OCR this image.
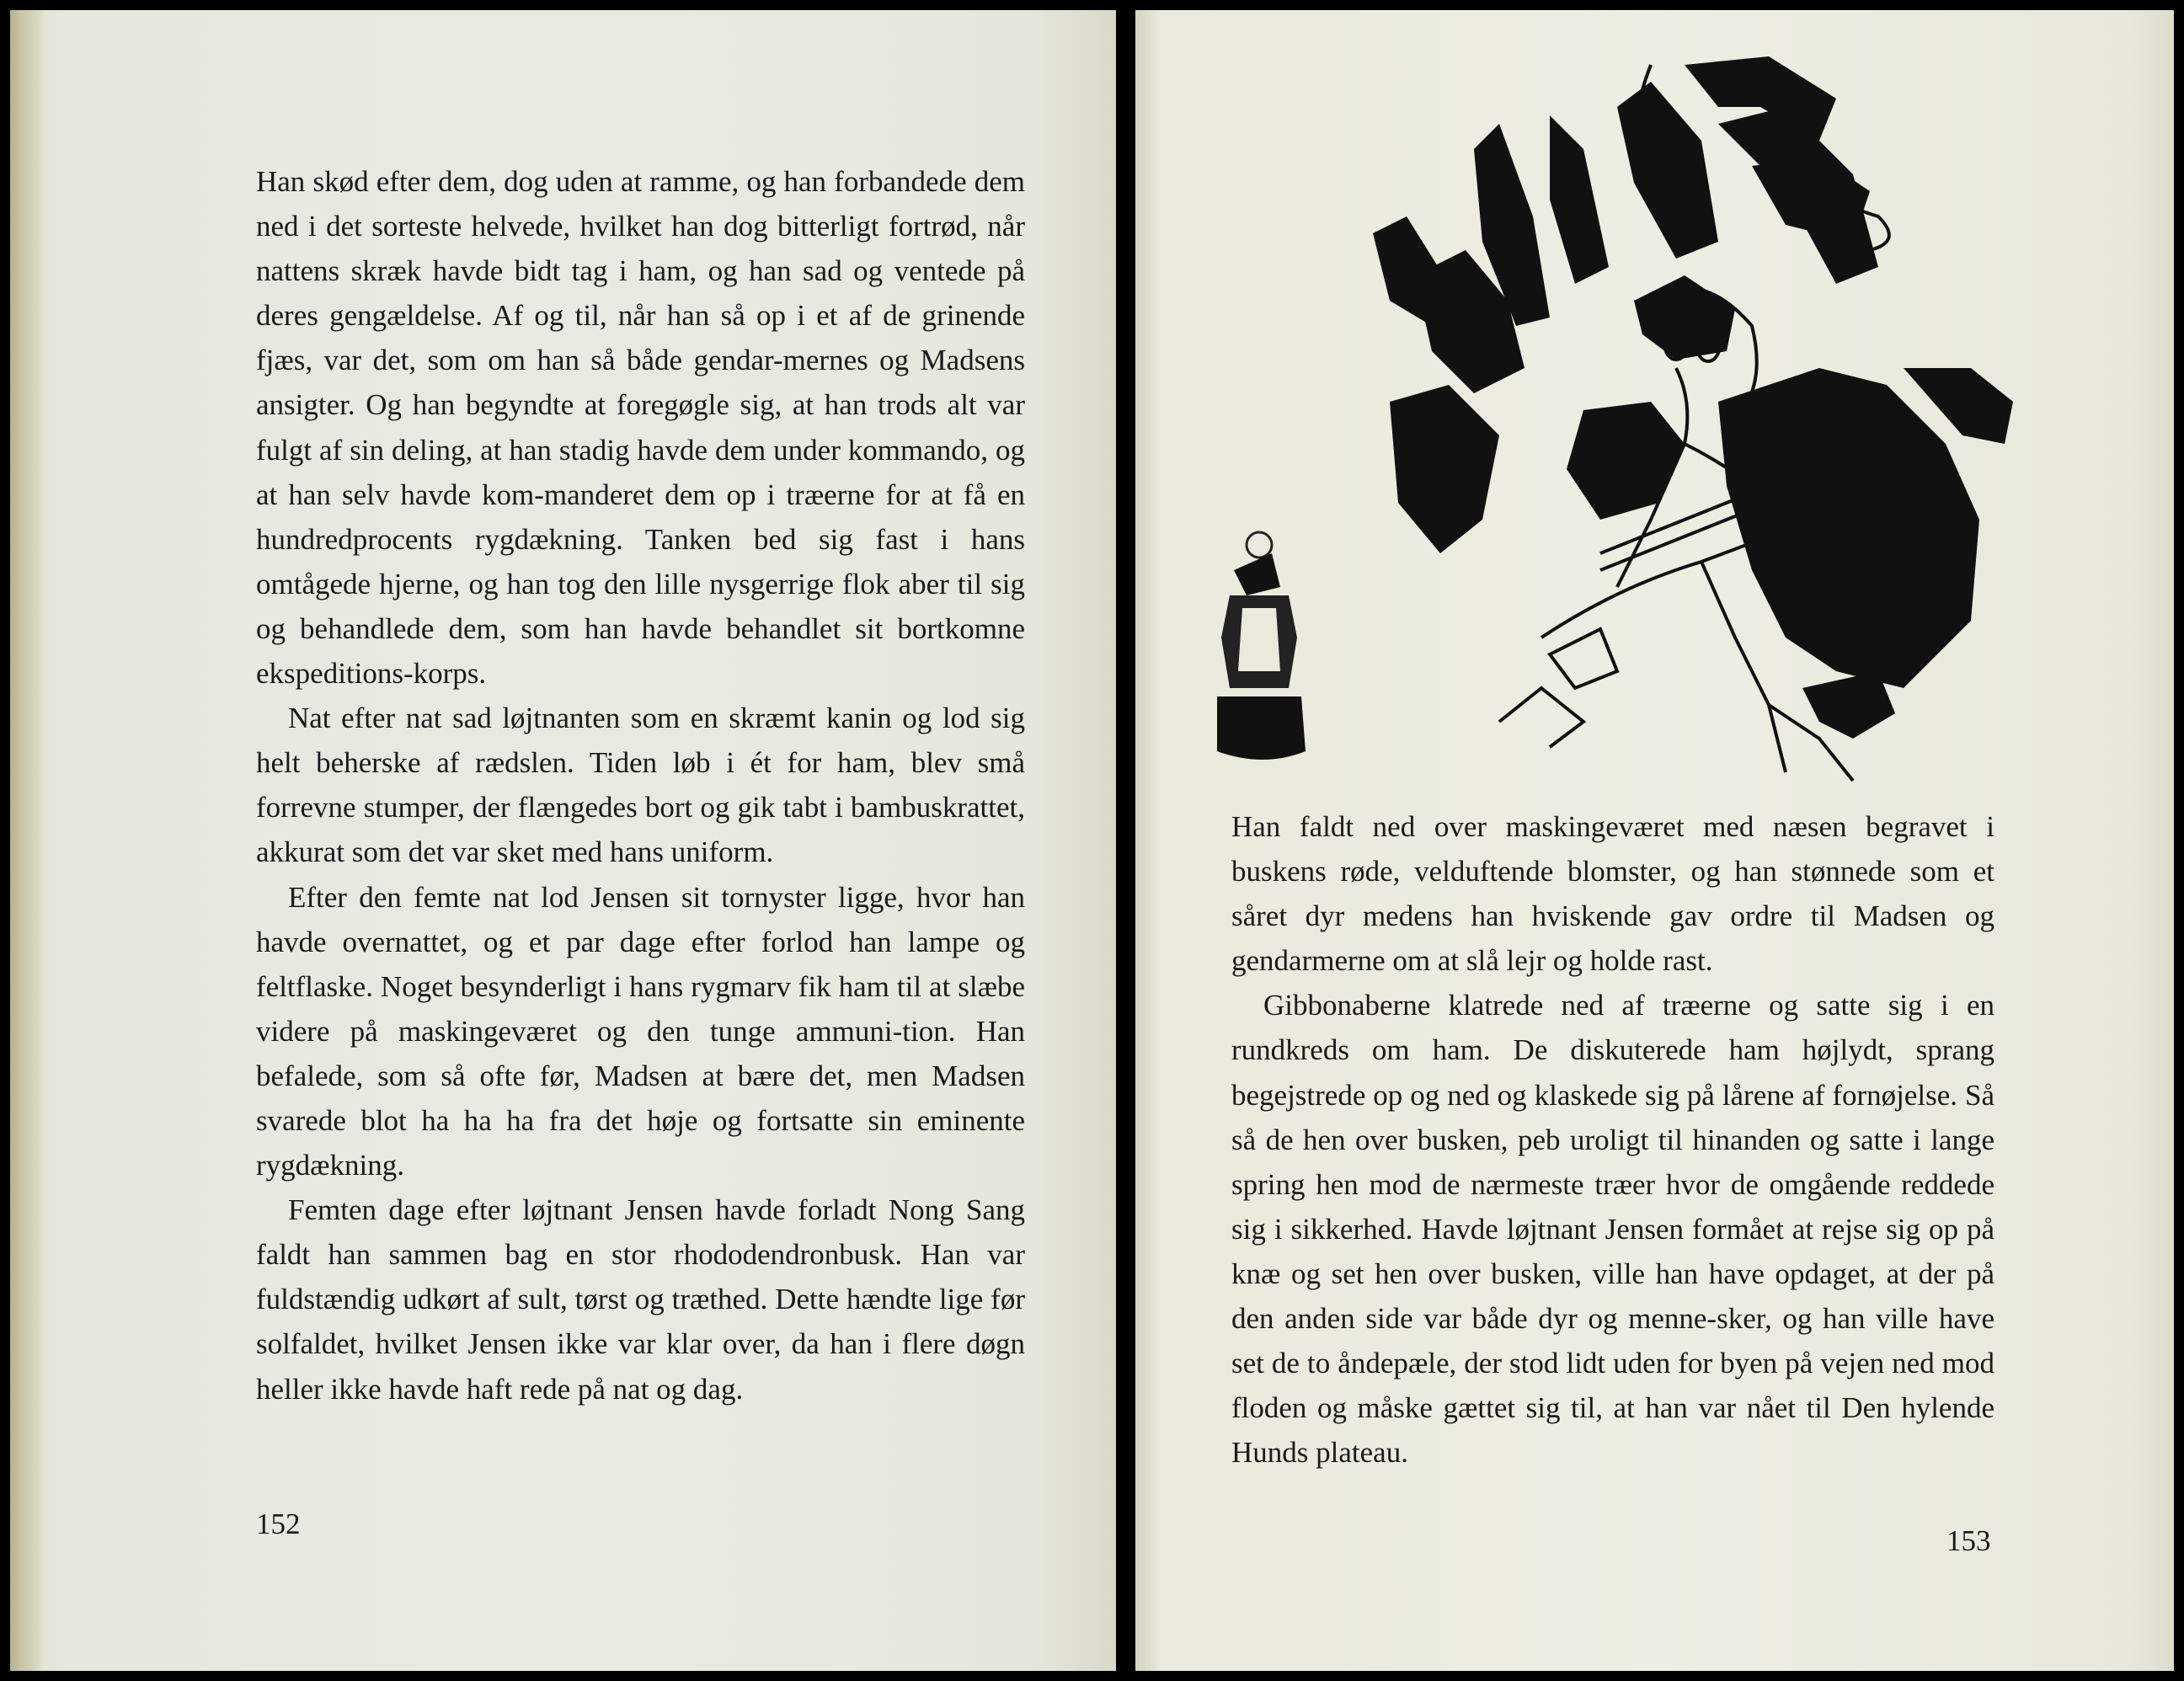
Han skød efter dem, dog uden at ramme, og han forbandede dem ned i det sorteste helvede, hvilket han dog bitterligt fortrød, når nattens skræk havde bidt tag i ham, og han sad og ventede på deres gengældelse. Af og til, når han så op i et af de grinende fjæs, var det, som om han så både gendar-mernes og Madsens ansigter. Og han begyndte at foregøgle sig, at han trods alt var fulgt af sin deling, at han stadig havde dem under kommando, og at han selv havde kom-manderet dem op i træerne for at få en hundredprocents rygdækning. Tanken bed sig fast i hans omtågede hjerne, og han tog den lille nysgerrige flok aber til sig og behandlede dem, som han havde behandlet sit bortkomne ekspeditions-korps.

Nat efter nat sad løjtnanten som en skræmt kanin og lod sig helt beherske af rædslen. Tiden løb i ét for ham, blev små forrevne stumper, der flængedes bort og gik tabt i bambuskrattet, akkurat som det var sket med hans uniform.

Efter den femte nat lod Jensen sit tornyster ligge, hvor han havde overnattet, og et par dage efter forlod han lampe og feltflaske. Noget besynderligt i hans rygmarv fik ham til at slæbe videre på maskingeværet og den tunge ammuni-tion. Han befalede, som så ofte før, Madsen at bære det, men Madsen svarede blot ha ha ha fra det høje og fortsatte sin eminente rygdækning.

Femten dage efter løjtnant Jensen havde forladt Nong Sang faldt han sammen bag en stor rhododendronbusk. Han var fuldstændig udkørt af sult, tørst og træthed. Dette hændte lige før solfaldet, hvilket Jensen ikke var klar over, da han i flere døgn heller ikke havde haft rede på nat og dag.

152

Han faldt ned over maskingeværet med næsen begravet i buskens røde, velduftende blomster, og han stønnede som et såret dyr medens han hviskende gav ordre til Madsen og gendarmerne om at slå lejr og holde rast.

Gibbonaberne klatrede ned af træerne og satte sig i en rundkreds om ham. De diskuterede ham højlydt, sprang begejstrede op og ned og klaskede sig på lårene af fornøjelse. Så så de hen over busken, peb uroligt til hinanden og satte i lange spring hen mod de nærmeste træer hvor de omgående reddede sig i sikkerhed. Havde løjtnant Jensen formået at rejse sig op på knæ og set hen over busken, ville han have opdaget, at der på den anden side var både dyr og menne-sker, og han ville have set de to åndepæle, der stod lidt uden for byen på vejen ned mod floden og måske gættet sig til, at han var nået til Den hylende Hunds plateau.

153
